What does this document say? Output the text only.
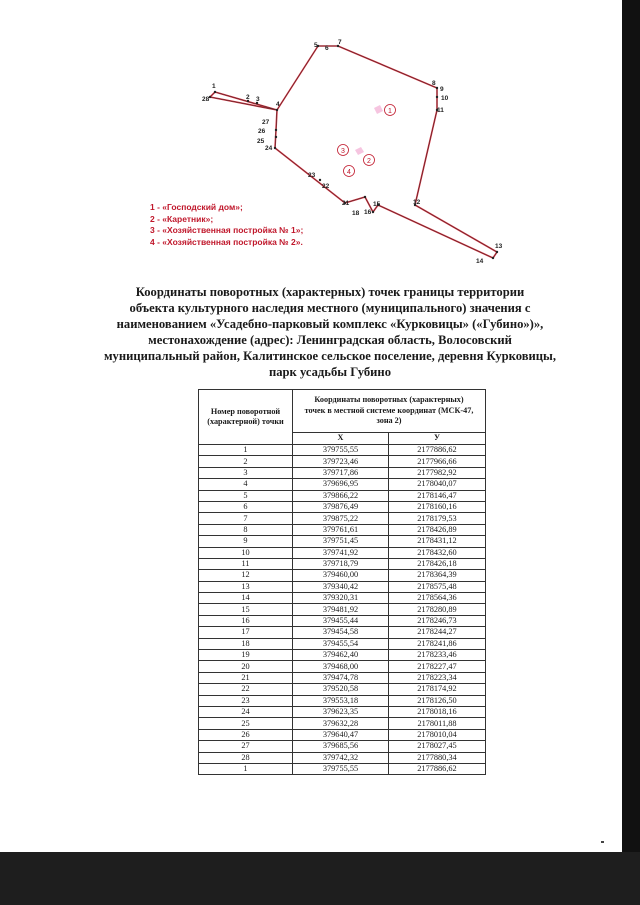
1
28	2 3
4
27
26
25
24
23
22
21
18 16
15	12
13
14
11
10
9
8
7
5 6
1
2
3
4
1 - «Господский дом»;
2 - «Каретник»;
3 - «Хозяйственная постройка № 1»;
4 - «Хозяйственная постройка № 2».
Координаты поворотных (характерных) точек границы территории
объекта культурного наследия местного (муниципального) значения с
наименованием «Усадебно-парковый комплекс «Курковицы» («Губино»)»,
местонахождение (адрес): Ленинградская область, Волосовский
муниципальный район, Калитинское сельское поселение, деревня Курковицы,
парк усадьбы Губино
Номер поворотной (характерной) точки	Координаты поворотных (характерных) точек в местной системе координат (МСК-47, зона 2)	
	X	У
1	379755,55	2177886,62
2	379723,46	2177966,66
3	379717,86	2177982,92
4	379696,95	2178040,07
5	379866,22	2178146,47
6	379876,49	2178160,16
7	379875,22	2178179,53
8	379761,61	2178426,89
9	379751,45	2178431,12
10	379741,92	2178432,60
11	379718,79	2178426,18
12	379460,00	2178364,39
13	379340,42	2178575,48
14	379320,31	2178564,36
15	379481,92	2178280,89
16	379455,44	2178246,73
17	379454,58	2178244,27
18	379455,54	2178241,86
19	379462,40	2178233,46
20	379468,00	2178227,47
21	379474,78	2178223,34
22	379520,58	2178174,92
23	379553,18	2178126,50
24	379623,35	2178018,16
25	379632,28	2178011,88
26	379640,47	2178010,04
27	379685,56	2178027,45
28	379742,32	2177880,34
1	379755,55	2177886,62
